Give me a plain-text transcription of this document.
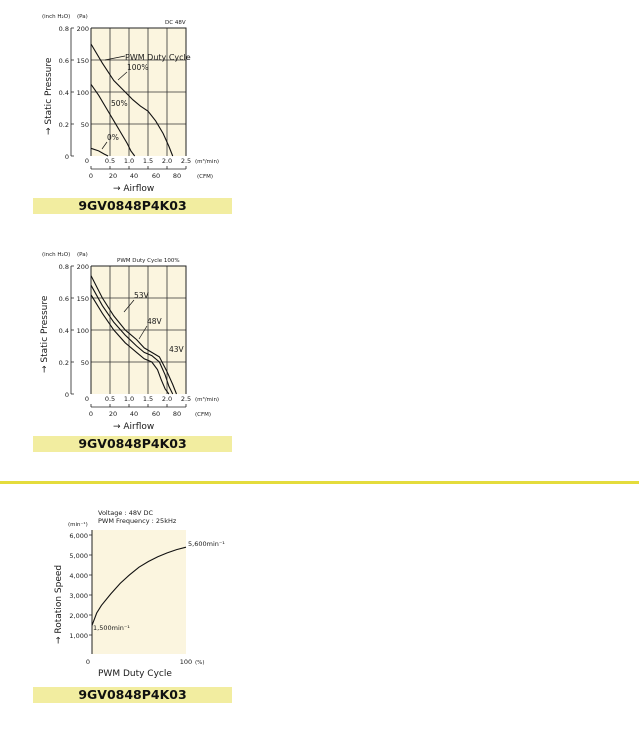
(inch H₂O) (Pa)
DC 48V
→ Static Pressure
0.8 200
0.6 150
0.4 100
0.2 50
0 0 0.5 1.0 1.5 2.0 2.5 (m³/min)
0 20 40 60 80	(CFM)
→ Airflow
PWM Duty Cycle
100%
50%
0%
(inch H₂O) (Pa)
PWM Duty Cycle 100%
→ Static Pressure
0.8 200
0.6 150
0.4 100
0.2 50
0 0 0.5 1.0 1.5 2.0 2.5 (m³/min)
0 20 40 60 80	(CFM)
→ Airflow
53V
48V
43V
Voltage : 48V DC
PWM Frequency : 25kHz
(min⁻¹)
→ Rotation Speed
6,000
5,000
4,000
3,000
2,000
1,000
0	100 (%)
PWM Duty Cycle
1,500min⁻¹
5,600min⁻¹
9GV0848P4K03
9GV0848P4K03
9GV0848P4K03
